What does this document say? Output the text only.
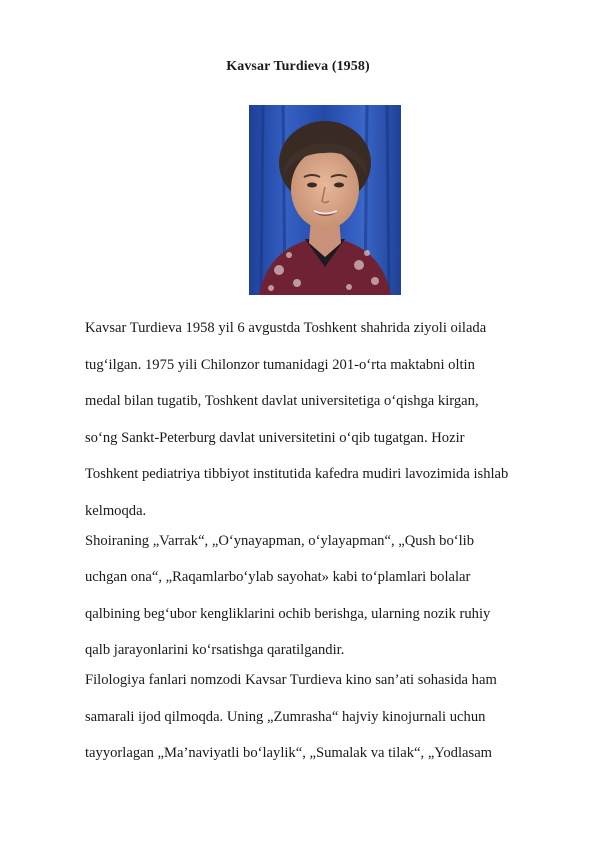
Kavsar Turdieva (1958)
Kavsar Turdieva 1958 yil 6 avgustda Toshkent shahrida ziyoli oilada
tug‘ilgan. 1975 yili Chilonzor tumanidagi 201-o‘rta maktabni oltin
medal bilan tugatib, Toshkent davlat universitetiga o‘qishga kirgan,
so‘ng Sankt-Peterburg davlat universitetini o‘qib tugatgan. Hozir
Toshkent pediatriya tibbiyot institutida kafedra mudiri lavozimida ishlab
kelmoqda.
Shoiraning „Varrak“, „O‘ynayapman, o‘ylayapman“, „Qush bo‘lib
uchgan ona“, „Raqamlarbo‘ylab sayohat» kabi to‘plamlari bolalar
qalbining beg‘ubor kengliklarini ochib berishga, ularning nozik ruhiy
qalb jarayonlarini ko‘rsatishga qaratilgandir.
Filologiya fanlari nomzodi Kavsar Turdieva kino san’ati sohasida ham
samarali ijod qilmoqda. Uning „Zumrasha“ hajviy kinojurnali uchun
tayyorlagan „Ma’naviyatli bo‘laylik“, „Sumalak va tilak“, „Yodlasam
